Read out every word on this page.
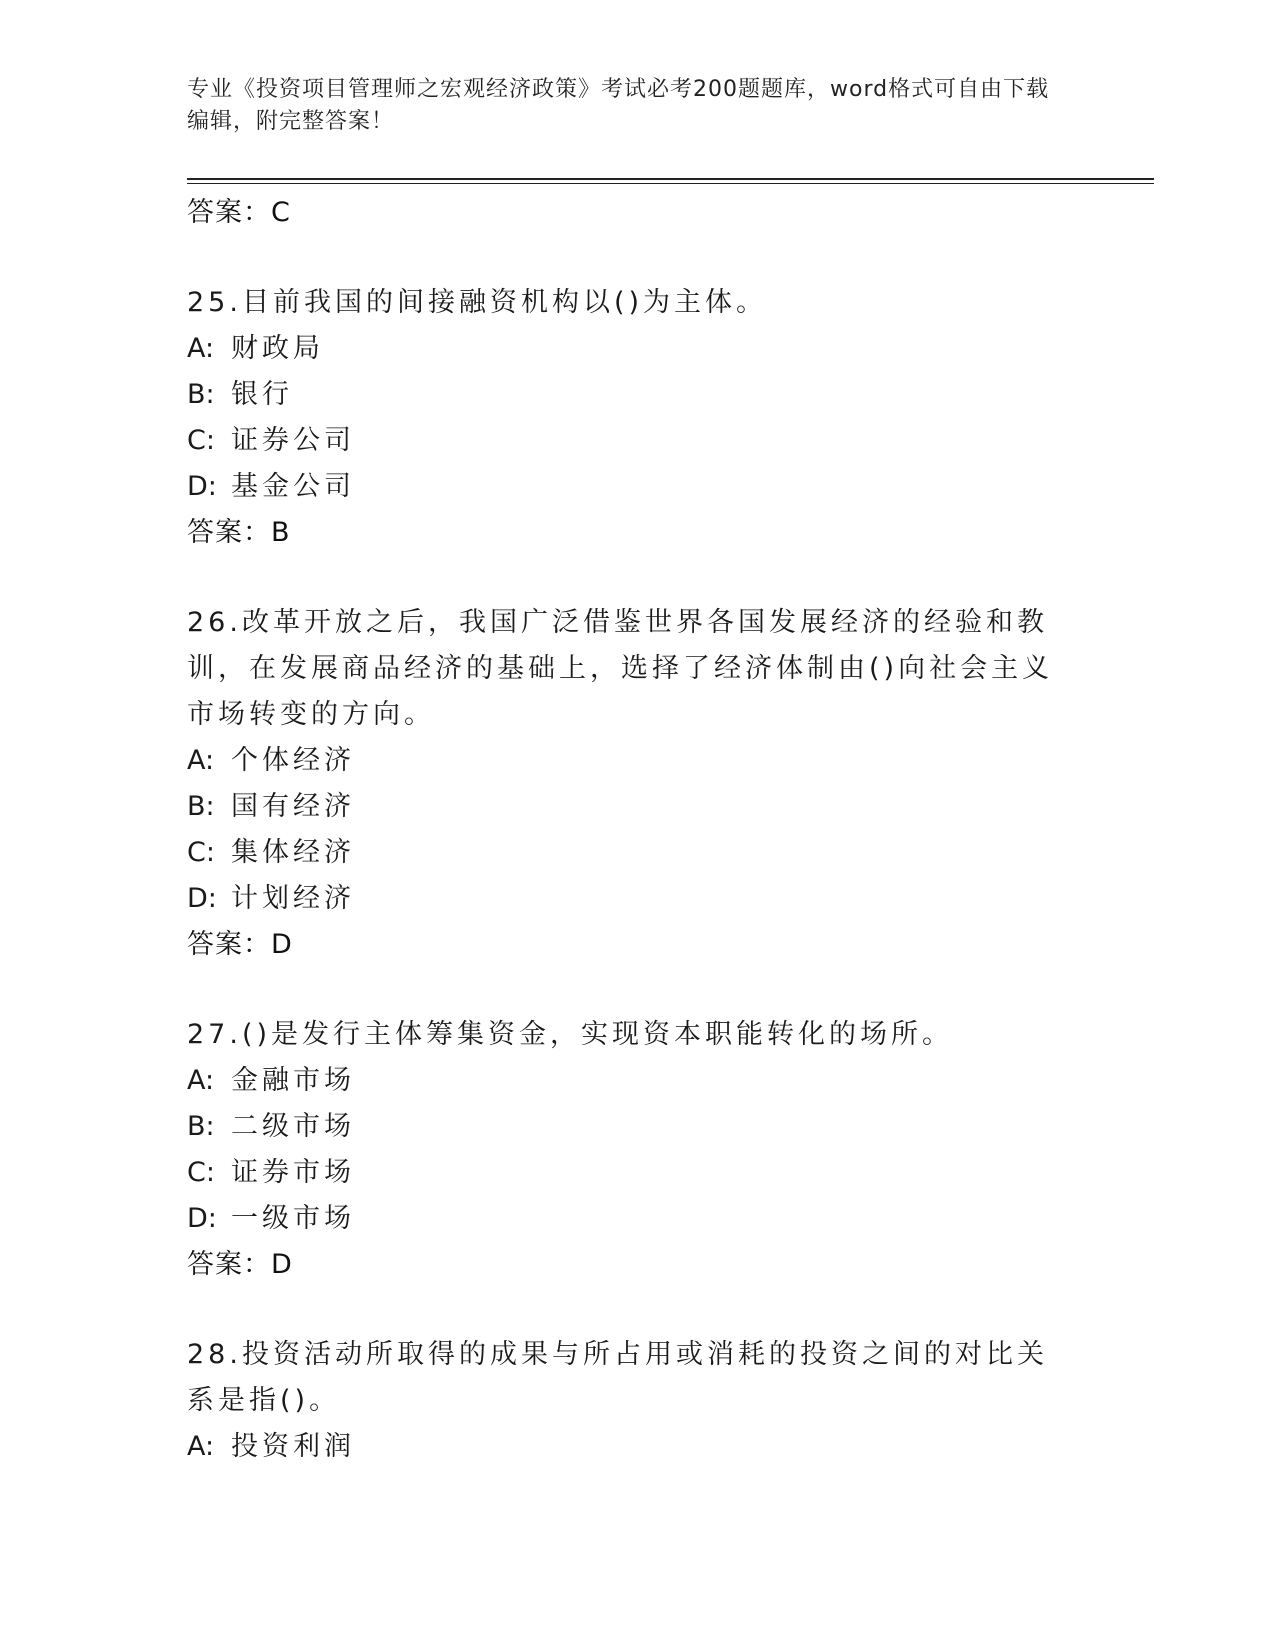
专业《投资项目管理师之宏观经济政策》考试必考200题题库，word格式可自由下载编辑，附完整答案！
答案：C
25.目前我国的间接融资机构以()为主体。
A: 财政局
B: 银行
C: 证券公司
D: 基金公司
答案：B
26.改革开放之后，我国广泛借鉴世界各国发展经济的经验和教训，在发展商品经济的基础上，选择了经济体制由()向社会主义市场转变的方向。
A: 个体经济
B: 国有经济
C: 集体经济
D: 计划经济
答案：D
27.()是发行主体筹集资金，实现资本职能转化的场所。
A: 金融市场
B: 二级市场
C: 证券市场
D: 一级市场
答案：D
28.投资活动所取得的成果与所占用或消耗的投资之间的对比关系是指()。
A: 投资利润
